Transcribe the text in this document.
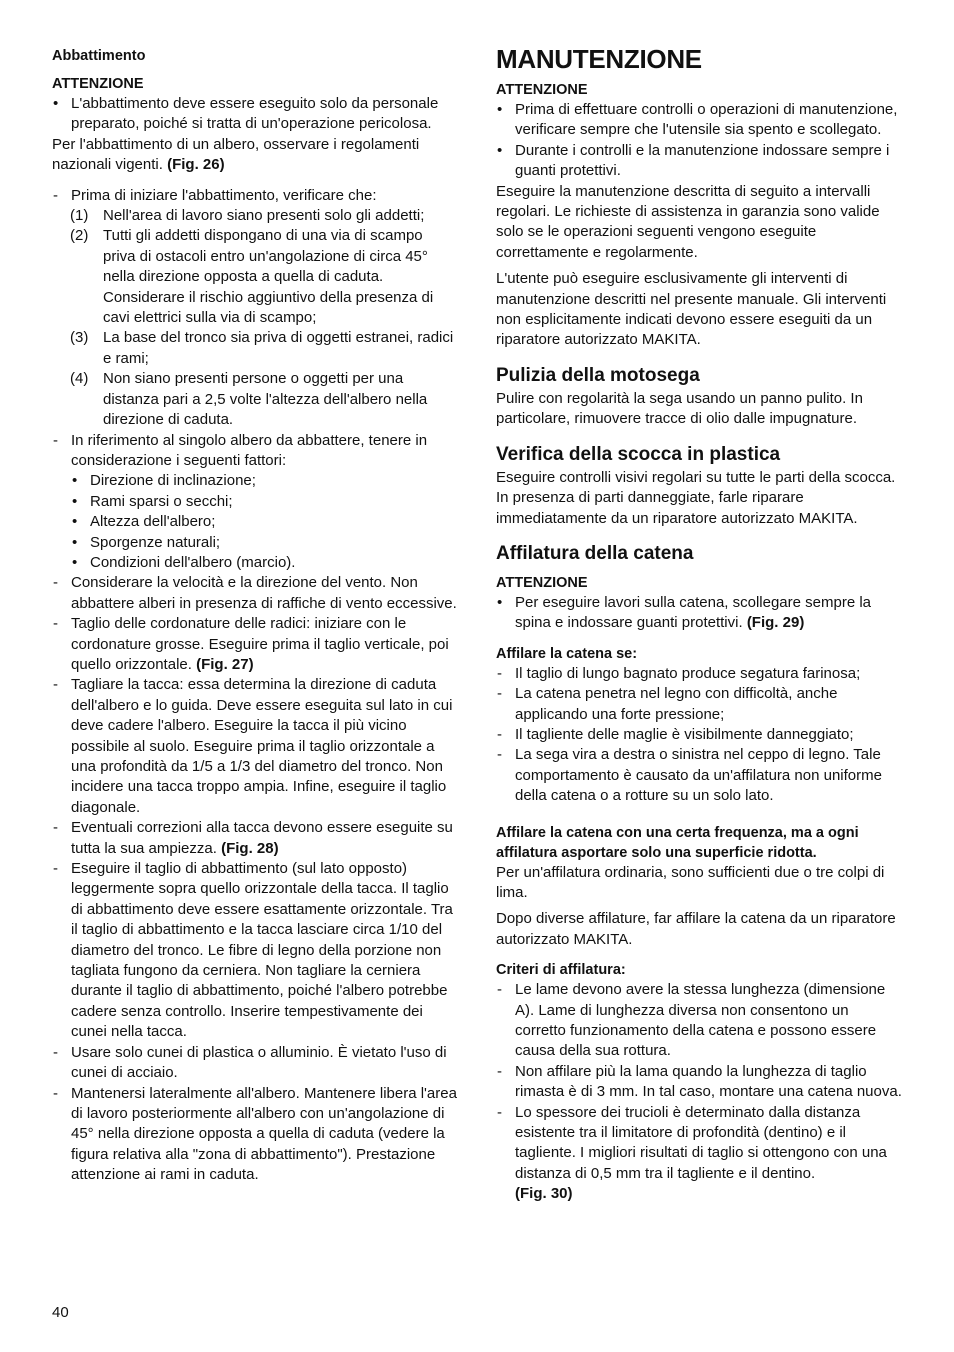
Abbattimento

ATTENZIONE

• L'abbattimento deve essere eseguito solo da personale preparato, poiché si tratta di un'operazione pericolosa.

Per l'abbattimento di un albero, osservare i regolamenti nazionali vigenti. (Fig. 26)

- Prima di iniziare l'abbattimento, verificare che:
(1) Nell'area di lavoro siano presenti solo gli addetti;
(2) Tutti gli addetti dispongano di una via di scampo priva di ostacoli entro un'angolazione di circa 45° nella direzione opposta a quella di caduta. Considerare il rischio aggiuntivo della presenza di cavi elettrici sulla via di scampo;
(3) La base del tronco sia priva di oggetti estranei, radici e rami;
(4) Non siano presenti persone o oggetti per una distanza pari a 2,5 volte l'altezza dell'albero nella direzione di caduta.
- In riferimento al singolo albero da abbattere, tenere in considerazione i seguenti fattori:
• Direzione di inclinazione;
• Rami sparsi o secchi;
• Altezza dell'albero;
• Sporgenze naturali;
• Condizioni dell'albero (marcio).
- Considerare la velocità e la direzione del vento. Non abbattere alberi in presenza di raffiche di vento eccessive.
- Taglio delle cordonature delle radici: iniziare con le cordonature grosse. Eseguire prima il taglio verticale, poi quello orizzontale. (Fig. 27)
- Tagliare la tacca: essa determina la direzione di caduta dell'albero e lo guida. Deve essere eseguita sul lato in cui deve cadere l'albero. Eseguire la tacca il più vicino possibile al suolo. Eseguire prima il taglio orizzontale a una profondità da 1/5 a 1/3 del diametro del tronco. Non incidere una tacca troppo ampia. Infine, eseguire il taglio diagonale.
- Eventuali correzioni alla tacca devono essere eseguite su tutta la sua ampiezza. (Fig. 28)
- Eseguire il taglio di abbattimento (sul lato opposto) leggermente sopra quello orizzontale della tacca. Il taglio di abbattimento deve essere esattamente orizzontale. Tra il taglio di abbattimento e la tacca lasciare circa 1/10 del diametro del tronco. Le fibre di legno della porzione non tagliata fungono da cerniera. Non tagliare la cerniera durante il taglio di abbattimento, poiché l'albero potrebbe cadere senza controllo. Inserire tempestivamente dei cunei nella tacca.
- Usare solo cunei di plastica o alluminio. È vietato l'uso di cunei di acciaio.
- Mantenersi lateralmente all'albero. Mantenere libera l'area di lavoro posteriormente all'albero con un'angolazione di 45° nella direzione opposta a quella di caduta (vedere la figura relativa alla "zona di abbattimento"). Prestazione attenzione ai rami in caduta.
MANUTENZIONE

ATTENZIONE

• Prima di effettuare controlli o operazioni di manutenzione, verificare sempre che l'utensile sia spento e scollegato.
• Durante i controlli e la manutenzione indossare sempre i guanti protettivi.

Eseguire la manutenzione descritta di seguito a intervalli regolari. Le richieste di assistenza in garanzia sono valide solo se le operazioni seguenti vengono eseguite correttamente e regolarmente.

L'utente può eseguire esclusivamente gli interventi di manutenzione descritti nel presente manuale. Gli interventi non esplicitamente indicati devono essere eseguiti da un riparatore autorizzato MAKITA.

Pulizia della motosega

Pulire con regolarità la sega usando un panno pulito. In particolare, rimuovere tracce di olio dalle impugnature.

Verifica della scocca in plastica

Eseguire controlli visivi regolari su tutte le parti della scocca. In presenza di parti danneggiate, farle riparare immediatamente da un riparatore autorizzato MAKITA.

Affilatura della catena

ATTENZIONE

• Per eseguire lavori sulla catena, scollegare sempre la spina e indossare guanti protettivi. (Fig. 29)

Affilare la catena se:

- Il taglio di lungo bagnato produce segatura farinosa;
- La catena penetra nel legno con difficoltà, anche applicando una forte pressione;
- Il tagliente delle maglie è visibilmente danneggiato;
- La sega vira a destra o sinistra nel ceppo di legno. Tale comportamento è causato da un'affilatura non uniforme della catena o a rotture su un solo lato.

Affilare la catena con una certa frequenza, ma a ogni affilatura asportare solo una superficie ridotta.

Per un'affilatura ordinaria, sono sufficienti due o tre colpi di lima.

Dopo diverse affilature, far affilare la catena da un riparatore autorizzato MAKITA.

Criteri di affilatura:

- Le lame devono avere la stessa lunghezza (dimensione A). Lame di lunghezza diversa non consentono un corretto funzionamento della catena e possono essere causa della sua rottura.
- Non affilare più la lama quando la lunghezza di taglio rimasta è di 3 mm. In tal caso, montare una catena nuova.
- Lo spessore dei trucioli è determinato dalla distanza esistente tra il limitatore di profondità (dentino) e il tagliente. I migliori risultati di taglio si ottengono con una distanza di 0,5 mm tra il tagliente e il dentino.
(Fig. 30)
40
